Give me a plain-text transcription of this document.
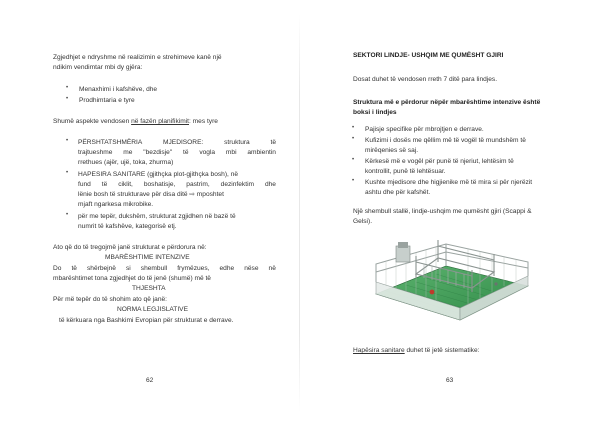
Zgjedhjet e ndryshme në realizimin e strehimeve kanë një
ndikim vendimtar mbi dy gjëra:
• Menaxhimi i kafshëve, dhe
• Prodhimtaria e tyre
Shumë aspekte vendosen në fazën planifikimit: mes tyre
• PËRSHTATSHMËRIA	MJEDISORE:	struktura	të
trajtueshme me "bezdisje" të vogla mbi ambientin
rrethues (ajër, ujë, toka, zhurma)
• HAPESIRA SANITARE (gjithçka plot-gjithçka bosh), në
fund të ciklit, boshatisje, pastrim, dezinfektim dhe
lënie bosh të strukturave për disa ditë ⇨ mposhtet
mjaft ngarkesa mikrobike.
• për me tepër, dukshëm, strukturat zgjidhen në bazë të
numrit të kafshëve, kategorisë etj.
Ato që do të tregojmë janë strukturat e përdorura në:
MBARËSHTIME INTENZIVE
Do të shërbejnë si shembull frymëzues, edhe nëse në
mbarështimet tona zgjedhjet do të jenë (shumë) më të
THJESHTA
Për më tepër do të shohim ato që janë:
NORMA LEGJISLATIVE
të kërkuara nga Bashkimi Evropian për strukturat e derrave.
62
SEKTORI LINDJE- USHQIM ME QUMËSHT GJIRI
Dosat duhet të vendosen rreth 7 ditë para lindjes.
Struktura më e përdorur nëpër mbarështime intenzive është
boksi i lindjes
• Pajisje specifike për mbrojtjen e derrave.
• Kufizimi i dosës me qëllim më të vogël të mundshëm të
mirëqenies së saj.
• Kërkesë më e vogël për punë të njeriut, lehtësim të
kontrollit, punë të lehtësuar.
• Kushte mjedisore dhe higjienike më të mira si për njerëzit
ashtu dhe për kafshët.
Një shembull stallë, lindje-ushqim me qumësht gjiri (Scappi &
Gelsi).
Hapësira sanitare duhet të jetë sistematike:
63
